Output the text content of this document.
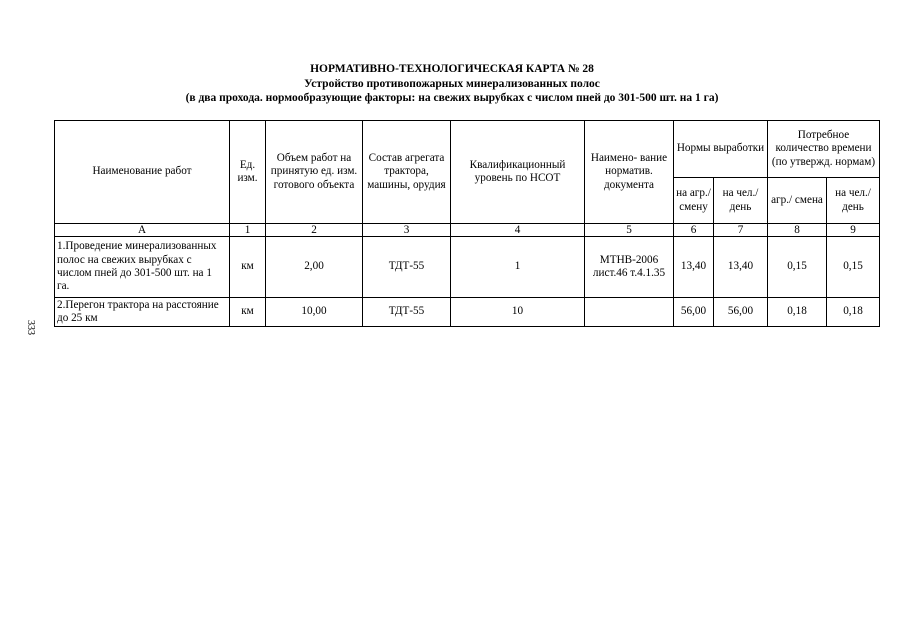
НОРМАТИВНО-ТЕХНОЛОГИЧЕСКАЯ КАРТА № 28
Устройство противопожарных минерализованных полос
(в два прохода. нормообразующие факторы: на свежих вырубках с числом пней до 301-500 шт. на 1 га)
Наименование работ	Ед. изм.	Объем работ на принятую ед. изм. готового объекта	Состав агрегата трактора, машины, орудия	Квалификационный уровень по НСОТ	Наимено- вание норматив. документа	Нормы выработки		Потребное количество времени (по утвержд. нормам)	
						на агр./ смену	на чел./ день	агр./ смена	на чел./ день
А	1	2	3	4	5	6	7	8	9
1.Проведение минерализованных полос на свежих вырубках с числом пней до 301-500 шт. на 1 га.	км	2,00	ТДТ-55	1	МТНВ-2006 лист.46 т.4.1.35	13,40	13,40	0,15	0,15
2.Перегон трактора на расстояние до 25 км	км	10,00	ТДТ-55	10		56,00	56,00	0,18	0,18
333
